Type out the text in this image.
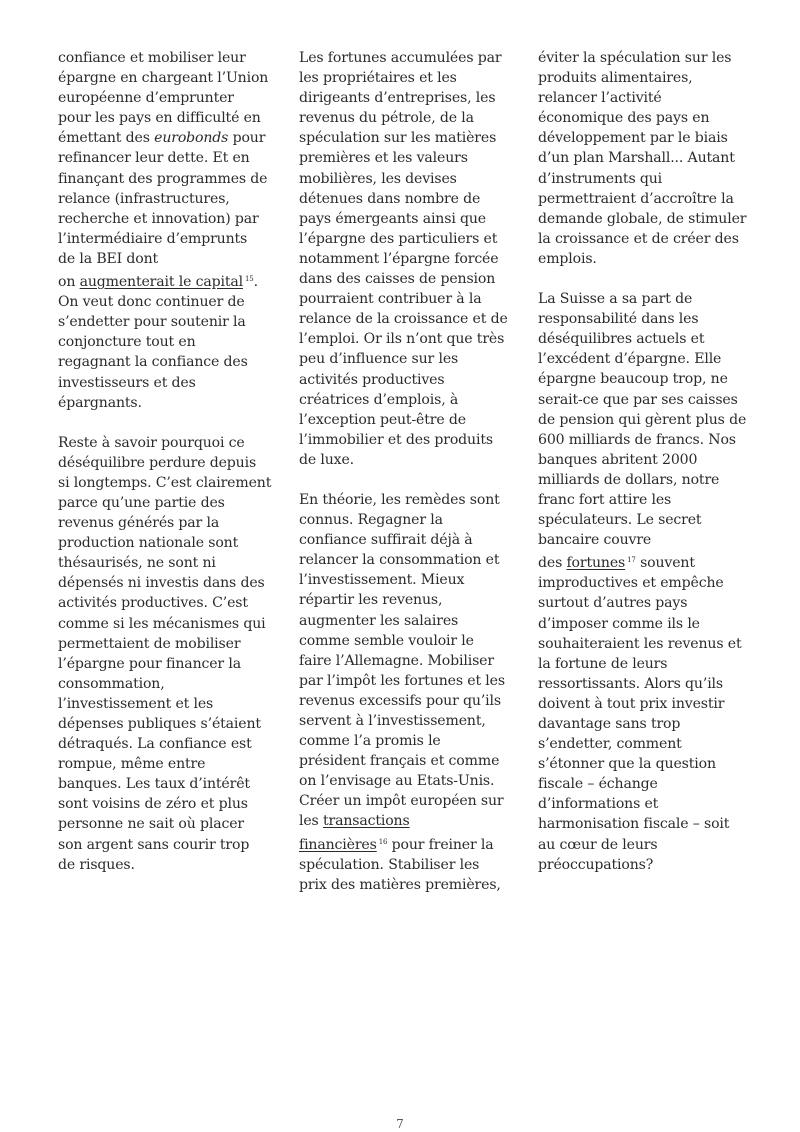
confiance et mobiliser leur
épargne en chargeant l’Union
européenne d’emprunter
pour les pays en difficulté en
émettant des eurobonds pour
refinancer leur dette. Et en
finançant des programmes de
relance (infrastructures,
recherche et innovation) par
l’intermédiaire d’emprunts
de la BEI dont
on augmenterait le capital $^{15}$.
On veut donc continuer de
s’endetter pour soutenir la
conjoncture tout en
regagnant la confiance des
investisseurs et des
épargnants.

Reste à savoir pourquoi ce
déséquilibre perdure depuis
si longtemps. C’est clairement
parce qu’une partie des
revenus générés par la
production nationale sont
thésaurisés, ne sont ni
dépensés ni investis dans des
activités productives. C’est
comme si les mécanismes qui
permettaient de mobiliser
l’épargne pour financer la
consommation,
l’investissement et les
dépenses publiques s’étaient
détraqués. La confiance est
rompue, même entre
banques. Les taux d’intérêt
sont voisins de zéro et plus
personne ne sait où placer
son argent sans courir trop
de risques.

Les fortunes accumulées par
les propriétaires et les
dirigeants d’entreprises, les
revenus du pétrole, de la
spéculation sur les matières
premières et les valeurs
mobilières, les devises
détenues dans nombre de
pays émergeants ainsi que
l’épargne des particuliers et
notamment l’épargne forcée
dans des caisses de pension
pourraient contribuer à la
relance de la croissance et de
l’emploi. Or ils n’ont que très
peu d’influence sur les
activités productives
créatrices d’emplois, à
l’exception peut-être de
l’immobilier et des produits
de luxe.

En théorie, les remèdes sont
connus. Regagner la
confiance suffirait déjà à
relancer la consommation et
l’investissement. Mieux
répartir les revenus,
augmenter les salaires
comme semble vouloir le
faire l’Allemagne. Mobiliser
par l’impôt les fortunes et les
revenus excessifs pour qu’ils
servent à l’investissement,
comme l’a promis le
président français et comme
on l’envisage au Etats-Unis.
Créer un impôt européen sur
les transactions
financières $^{16}$ pour freiner la
spéculation. Stabiliser les
prix des matières premières,

éviter la spéculation sur les
produits alimentaires,
relancer l’activité
économique des pays en
développement par le biais
d’un plan Marshall... Autant
d’instruments qui
permettraient d’accroître la
demande globale, de stimuler
la croissance et de créer des
emplois.

La Suisse a sa part de
responsabilité dans les
déséquilibres actuels et
l’excédent d’épargne. Elle
épargne beaucoup trop, ne
serait-ce que par ses caisses
de pension qui gèrent plus de
600 milliards de francs. Nos
banques abritent 2000
milliards de dollars, notre
franc fort attire les
spéculateurs. Le secret
bancaire couvre
des fortunes $^{17}$ souvent
improductives et empêche
surtout d’autres pays
d’imposer comme ils le
souhaiteraient les revenus et
la fortune de leurs
ressortissants. Alors qu’ils
doivent à tout prix investir
davantage sans trop
s’endetter, comment
s’étonner que la question
fiscale – échange
d’informations et
harmonisation fiscale – soit
au cœur de leurs
préoccupations?

7
